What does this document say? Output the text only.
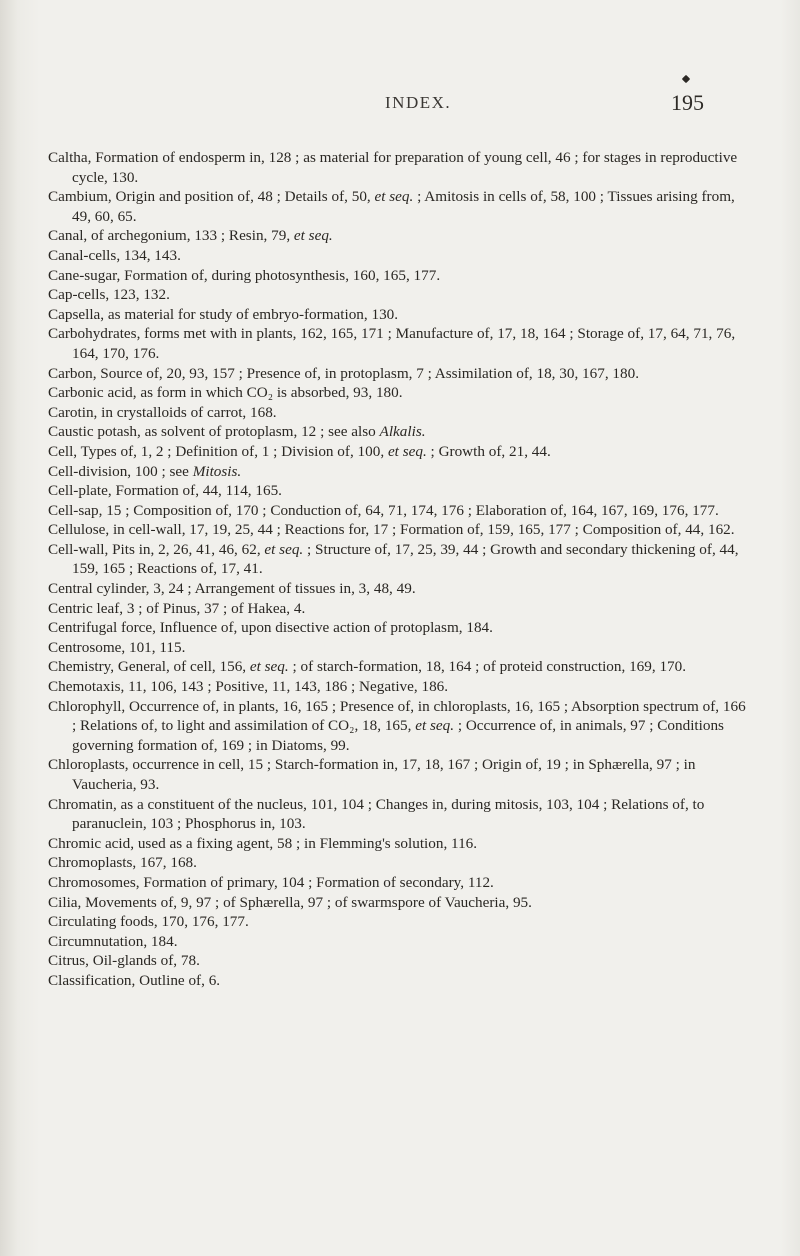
INDEX.	195

Caltha, Formation of endosperm in, 128 ; as material for preparation of young cell, 46 ; for stages in reproductive cycle, 130.

Cambium, Origin and position of, 48 ; Details of, 50, et seq. ; Amitosis in cells of, 58, 100 ; Tissues arising from, 49, 60, 65.

Canal, of archegonium, 133 ; Resin, 79, et seq.

Canal-cells, 134, 143.

Cane-sugar, Formation of, during photosynthesis, 160, 165, 177.

Cap-cells, 123, 132.

Capsella, as material for study of embryo-formation, 130.

Carbohydrates, forms met with in plants, 162, 165, 171 ; Manufacture of, 17, 18, 164 ; Storage of, 17, 64, 71, 76, 164, 170, 176.

Carbon, Source of, 20, 93, 157 ; Presence of, in protoplasm, 7 ; Assimilation of, 18, 30, 167, 180.

Carbonic acid, as form in which CO₂ is absorbed, 93, 180.

Carotin, in crystalloids of carrot, 168.

Caustic potash, as solvent of protoplasm, 12 ; see also Alkalis.

Cell, Types of, 1, 2 ; Definition of, 1 ; Division of, 100, et seq. ; Growth of, 21, 44.

Cell-division, 100 ; see Mitosis.

Cell-plate, Formation of, 44, 114, 165.

Cell-sap, 15 ; Composition of, 170 ; Conduction of, 64, 71, 174, 176 ; Elaboration of, 164, 167, 169, 176, 177.

Cellulose, in cell-wall, 17, 19, 25, 44 ; Reactions for, 17 ; Formation of, 159, 165, 177 ; Composition of, 44, 162.

Cell-wall, Pits in, 2, 26, 41, 46, 62, et seq. ; Structure of, 17, 25, 39, 44 ; Growth and secondary thickening of, 44, 159, 165 ; Reactions of, 17, 41.

Central cylinder, 3, 24 ; Arrangement of tissues in, 3, 48, 49.

Centric leaf, 3 ; of Pinus, 37 ; of Hakea, 4.

Centrifugal force, Influence of, upon disective action of protoplasm, 184.

Centrosome, 101, 115.

Chemistry, General, of cell, 156, et seq. ; of starch-formation, 18, 164 ; of proteid construction, 169, 170.

Chemotaxis, 11, 106, 143 ; Positive, 11, 143, 186 ; Negative, 186.

Chlorophyll, Occurrence of, in plants, 16, 165 ; Presence of, in chloroplasts, 16, 165 ; Absorption spectrum of, 166 ; Relations of, to light and assimilation of CO₂, 18, 165, et seq. ; Occurrence of, in animals, 97 ; Conditions governing formation of, 169 ; in Diatoms, 99.

Chloroplasts, occurrence in cell, 15 ; Starch-formation in, 17, 18, 167 ; Origin of, 19 ; in Sphærella, 97 ; in Vaucheria, 93.

Chromatin, as a constituent of the nucleus, 101, 104 ; Changes in, during mitosis, 103, 104 ; Relations of, to paranuclein, 103 ; Phosphorus in, 103.

Chromic acid, used as a fixing agent, 58 ; in Flemming's solution, 116.

Chromoplasts, 167, 168.

Chromosomes, Formation of primary, 104 ; Formation of secondary, 112.

Cilia, Movements of, 9, 97 ; of Sphærella, 97 ; of swarmspore of Vaucheria, 95.

Circulating foods, 170, 176, 177.

Circumnutation, 184.

Citrus, Oil-glands of, 78.

Classification, Outline of, 6.
